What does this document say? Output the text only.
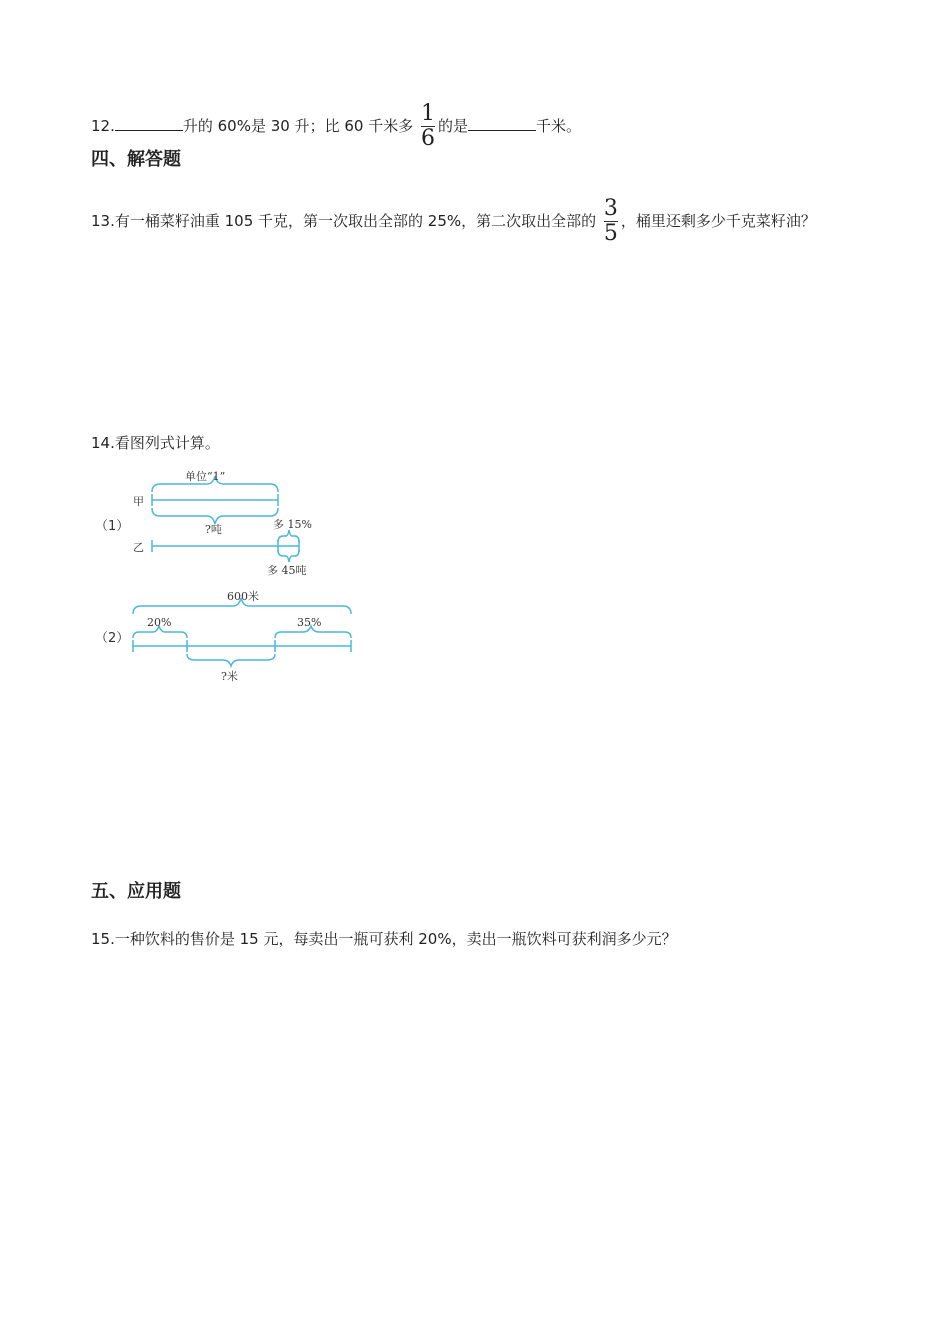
12.	升的 60%是 30 升；比 60 千米多 $\frac{1}{6}$ 的是	千米。
四、解答题
13.有一桶菜籽油重 105 千克，第一次取出全部的 25%，第二次取出全部的 $\frac{3}{5}$ ，桶里还剩多少千克菜籽油？
14.看图列式计算。
（1）
（2）
单位“1”
甲
乙
?吨	多 15%
多 45吨
600米
20%	35%
?米
五、应用题
15.一种饮料的售价是 15 元，每卖出一瓶可获利 20%，卖出一瓶饮料可获利润多少元？
